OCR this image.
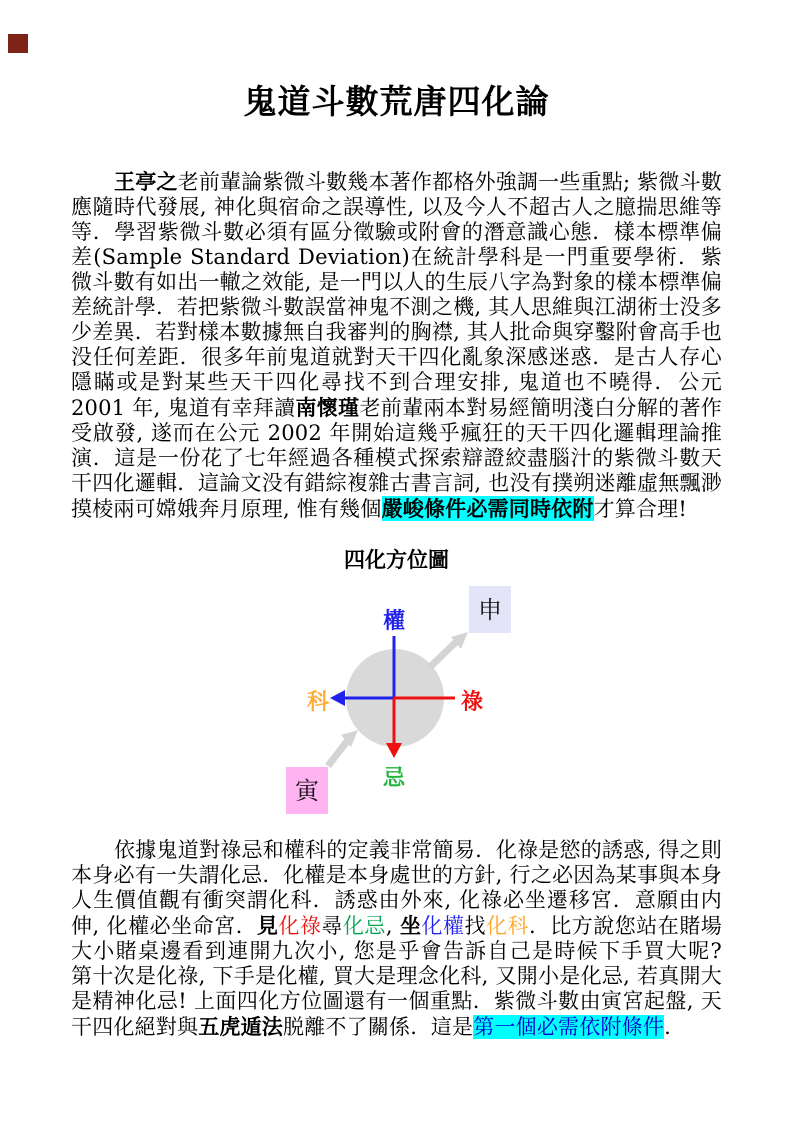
鬼道斗數荒唐四化論

王亭之老前輩論紫微斗數幾本著作都格外強調一些重點; 紫微斗數應隨時代發展, 神化與宿命之誤導性, 以及今人不超古人之臆揣思維等等.  學習紫微斗數必須有區分徵驗或附會的潛意識心態.  樣本標準偏差(Sample Standard Deviation)在統計學科是一門重要學術.  紫微斗數有如出一轍之效能, 是一門以人的生辰八字為對象的樣本標準偏差統計學.  若把紫微斗數誤當神鬼不測之機, 其人思維與江湖術士没多少差異.  若對樣本數據無自我審判的胸襟, 其人批命與穿鑿附會高手也没任何差距.  很多年前鬼道就對天干四化亂象深感迷惑.  是古人存心隱瞞或是對某些天干四化尋找不到合理安排, 鬼道也不曉得.  公元 2001 年, 鬼道有幸拜讀南懷瑾老前輩兩本對易經簡明淺白分解的著作受啟發, 遂而在公元 2002 年開始這幾乎瘋狂的天干四化邏輯理論推演.  這是一份花了七年經過各種模式探索辯證絞盡腦汁的紫微斗數天干四化邏輯.  這論文没有錯綜複雜古書言詞, 也没有撲朔迷離虛無飄渺摸棱兩可嫦娥奔月原理, 惟有幾個嚴峻條件必需同時依附才算合理!

四化方位圖
申
寅
權
科	祿
忌

依據鬼道對祿忌和權科的定義非常簡易.  化祿是慾的誘惑, 得之則本身必有一失謂化忌.  化權是本身處世的方針, 行之必因為某事與本身人生價值觀有衝突謂化科.  誘惑由外來, 化祿必坐遷移宮.  意願由内伸, 化權必坐命宮.  見化祿尋化忌, 坐化權找化科.  比方說您站在賭場大小賭桌邊看到連開九次小, 您是乎會告訴自己是時候下手買大呢?  第十次是化祿, 下手是化權, 買大是理念化科, 又開小是化忌, 若真開大是精神化忌! 上面四化方位圖還有一個重點.  紫微斗數由寅宮起盤, 天干四化絕對與五虎遁法脱離不了關係.  這是第一個必需依附條件.
